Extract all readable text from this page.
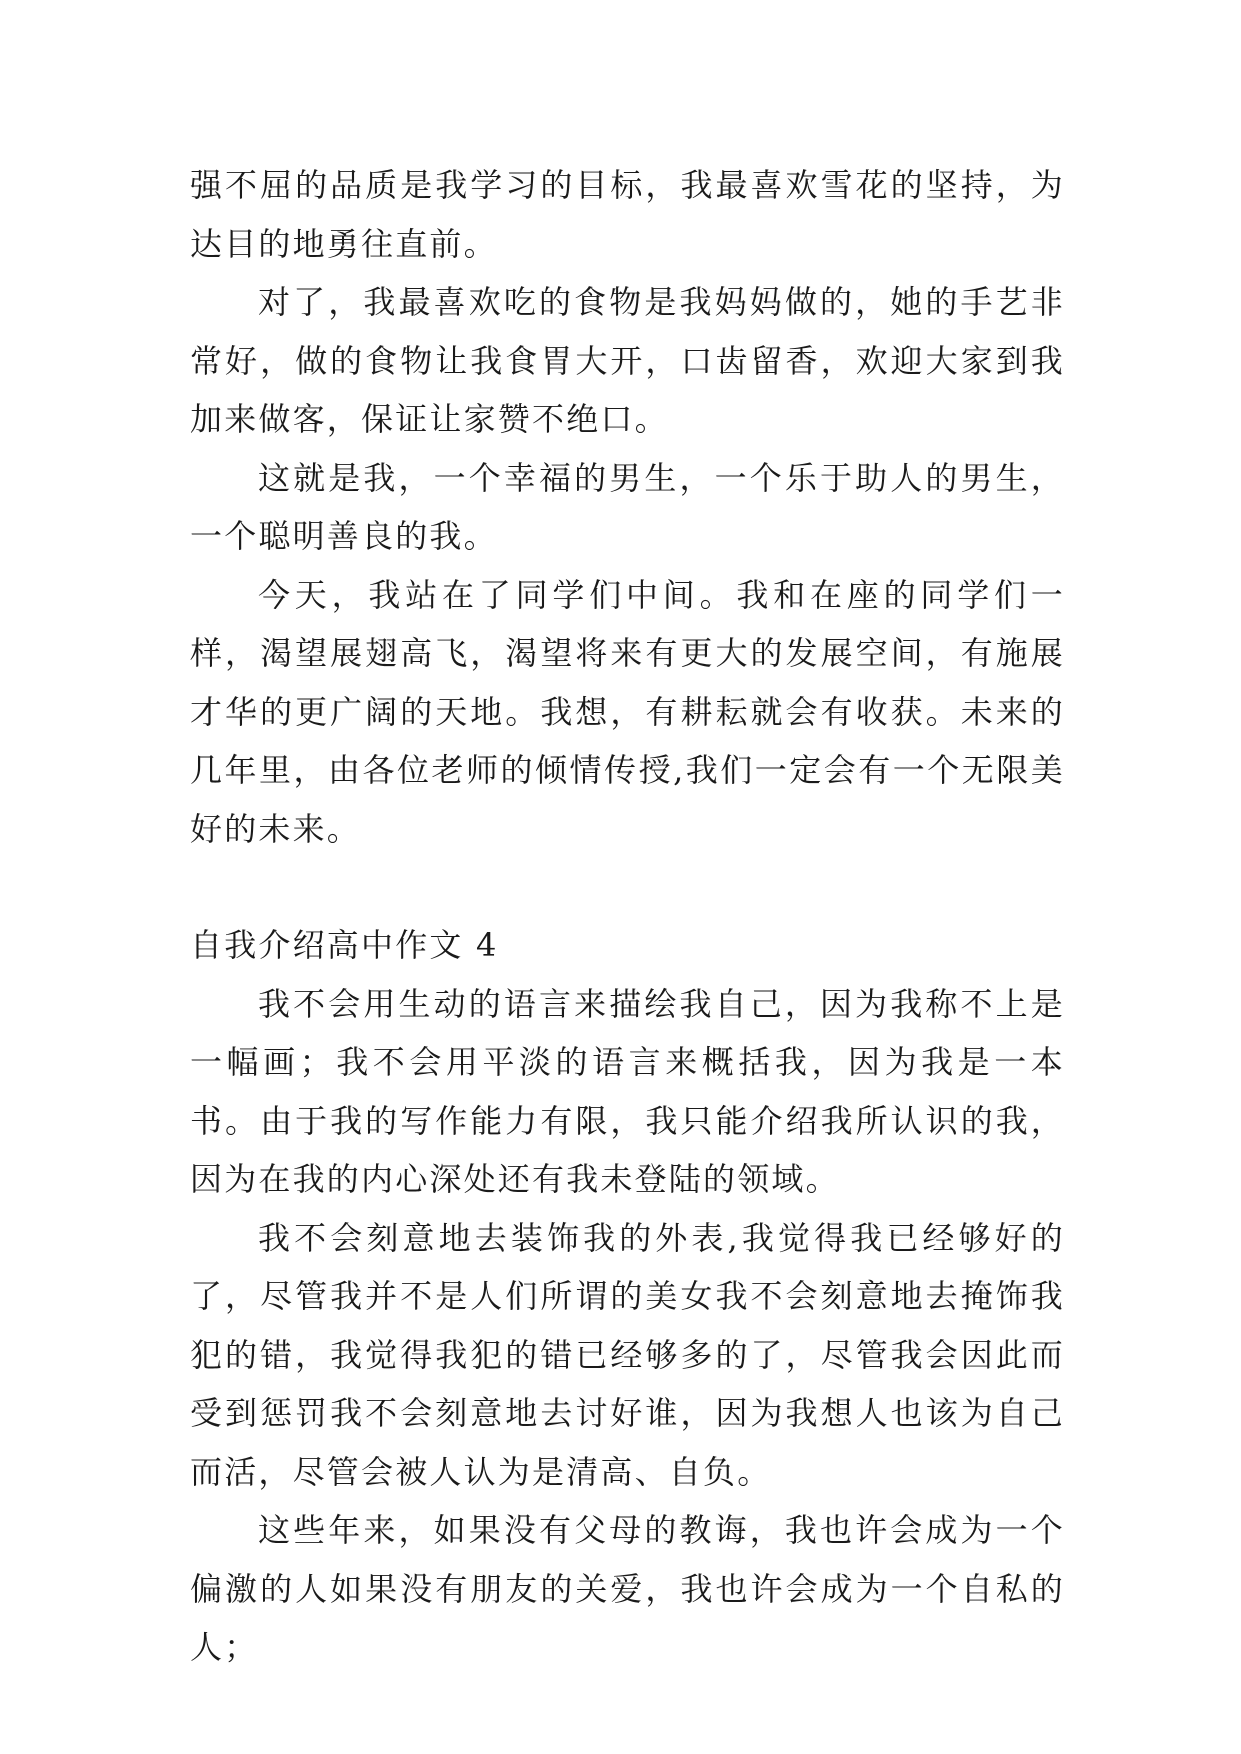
强不屈的品质是我学习的目标，我最喜欢雪花的坚持，为达目的地勇往直前。

对了，我最喜欢吃的食物是我妈妈做的，她的手艺非常好，做的食物让我食胃大开，口齿留香，欢迎大家到我加来做客，保证让家赞不绝口。

这就是我，一个幸福的男生，一个乐于助人的男生，一个聪明善良的我。

今天，我站在了同学们中间。我和在座的同学们一样，渴望展翅高飞，渴望将来有更大的发展空间，有施展才华的更广阔的天地。我想，有耕耘就会有收获。未来的几年里，由各位老师的倾情传授,我们一定会有一个无限美好的未来。

自我介绍高中作文 4

我不会用生动的语言来描绘我自己，因为我称不上是一幅画；我不会用平淡的语言来概括我，因为我是一本书。由于我的写作能力有限，我只能介绍我所认识的我，因为在我的内心深处还有我未登陆的领域。

我不会刻意地去装饰我的外表,我觉得我已经够好的了，尽管我并不是人们所谓的美女我不会刻意地去掩饰我犯的错，我觉得我犯的错已经够多的了，尽管我会因此而受到惩罚我不会刻意地去讨好谁，因为我想人也该为自己而活，尽管会被人认为是清高、自负。

这些年来，如果没有父母的教诲，我也许会成为一个偏激的人如果没有朋友的关爱，我也许会成为一个自私的人；
